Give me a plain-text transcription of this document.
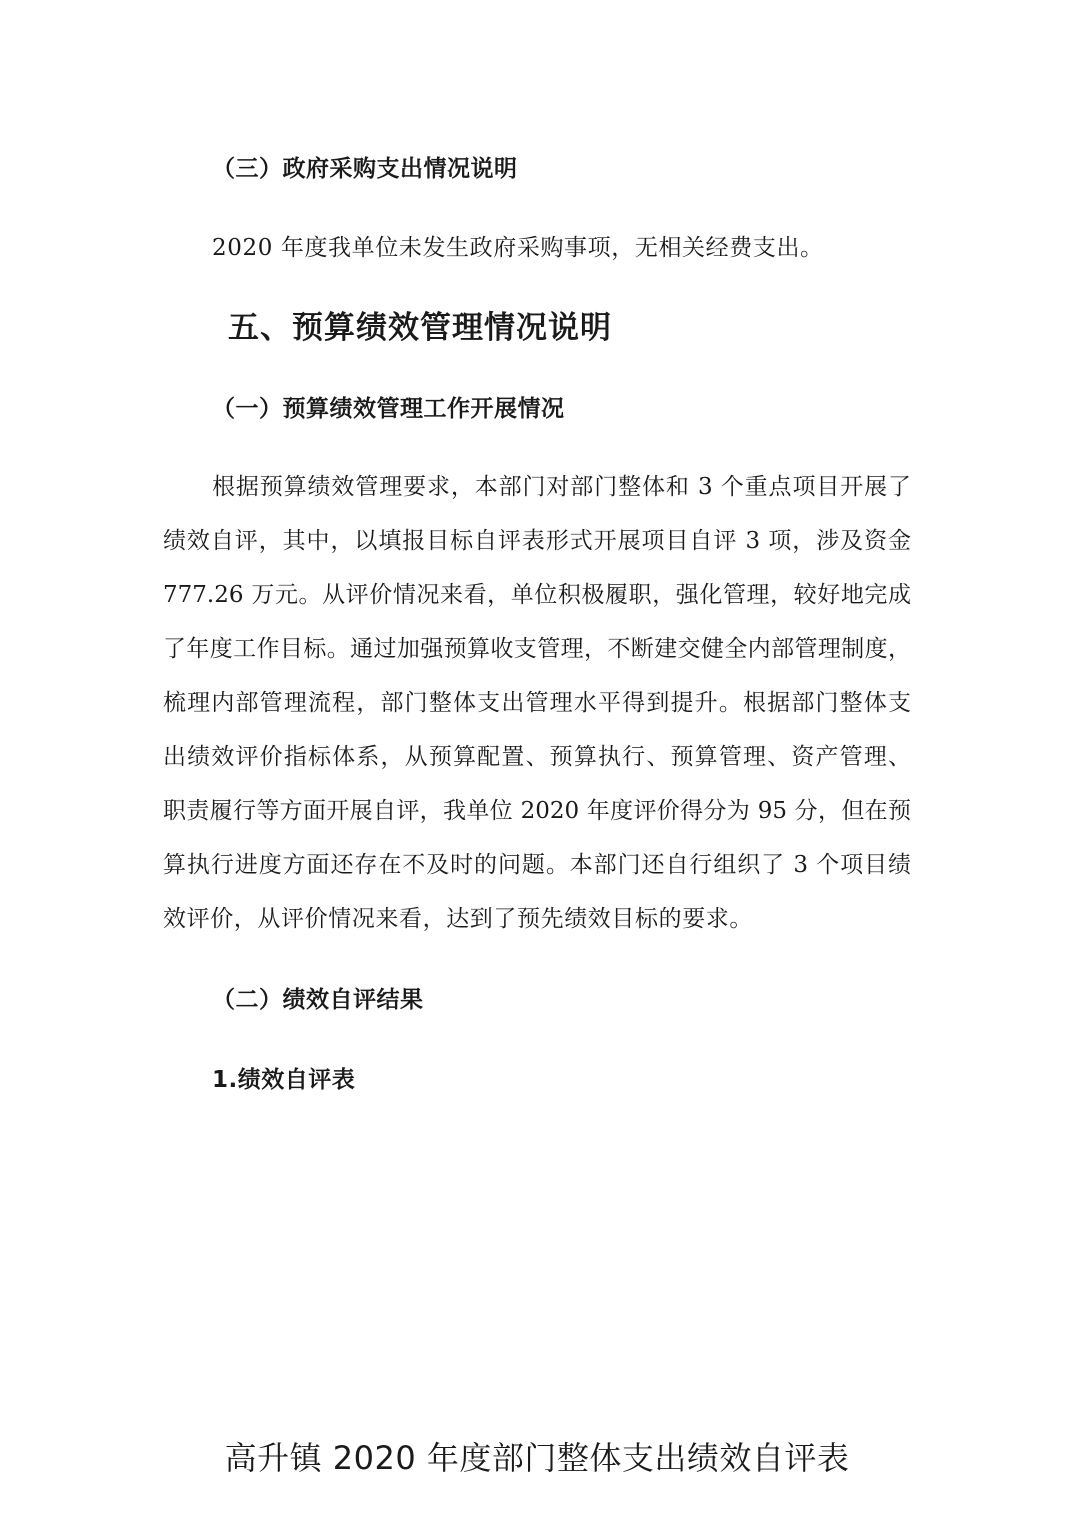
（三）政府采购支出情况说明
2020 年度我单位未发生政府采购事项，无相关经费支出。
五、预算绩效管理情况说明
（一）预算绩效管理工作开展情况
根据预算绩效管理要求，本部门对部门整体和 3 个重点项目开展了
绩效自评，其中，以填报目标自评表形式开展项目自评 3 项，涉及资金
777.26 万元。从评价情况来看，单位积极履职，强化管理，较好地完成
了年度工作目标。通过加强预算收支管理，不断建交健全内部管理制度，
梳理内部管理流程，部门整体支出管理水平得到提升。根据部门整体支
出绩效评价指标体系，从预算配置、预算执行、预算管理、资产管理、
职责履行等方面开展自评，我单位 2020 年度评价得分为 95 分，但在预
算执行进度方面还存在不及时的问题。本部门还自行组织了 3 个项目绩
效评价，从评价情况来看，达到了预先绩效目标的要求。
（二）绩效自评结果
1.绩效自评表
高升镇 2020 年度部门整体支出绩效自评表
